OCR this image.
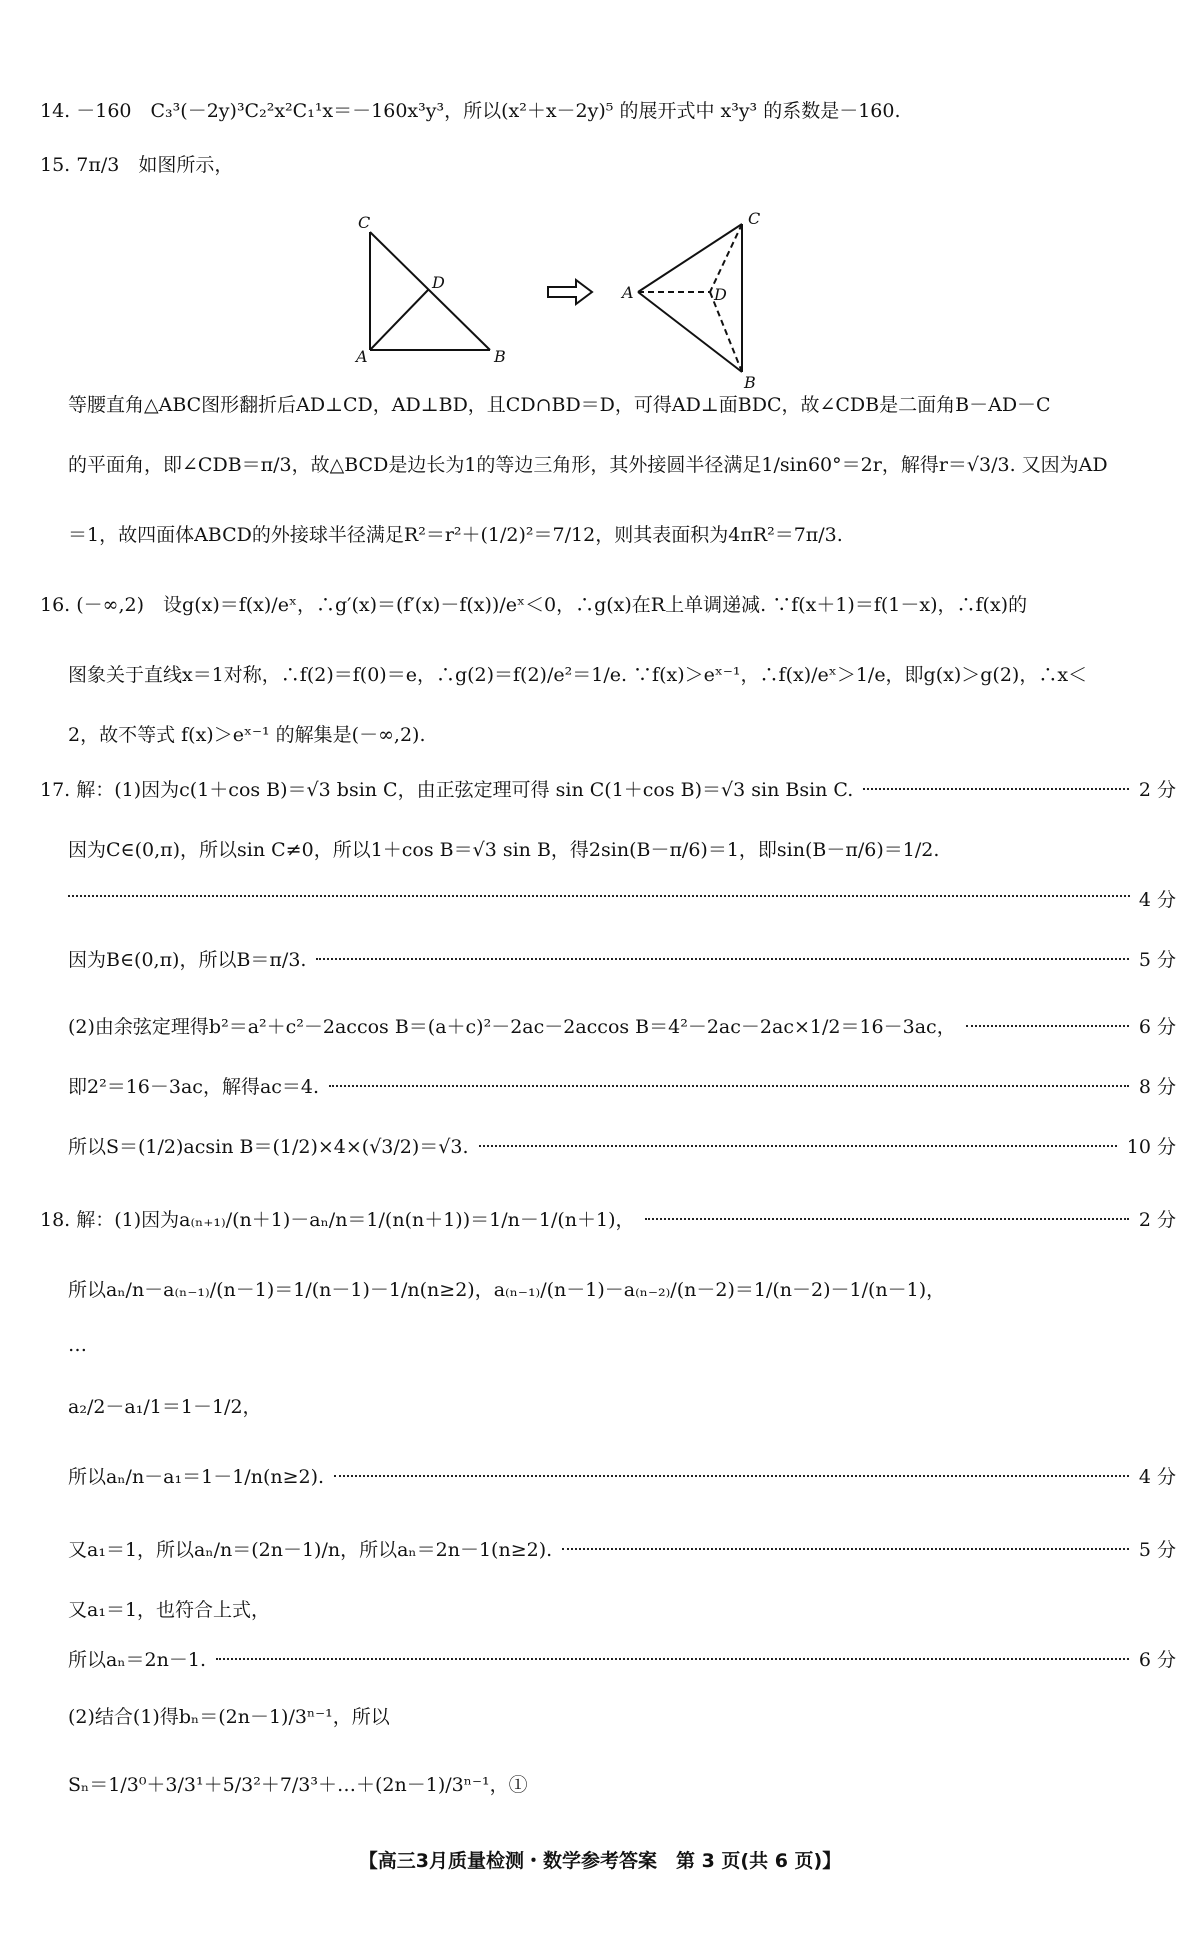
14. －160　C₃³(－2y)³C₂²x²C₁¹x＝－160x³y³，所以(x²＋x－2y)⁵ 的展开式中 x³y³ 的系数是－160.
15. 7π/3　如图所示，
C
D
A	B
C
D
A
B
等腰直角△ABC图形翻折后AD⊥CD，AD⊥BD，且CD∩BD＝D，可得AD⊥面BDC，故∠CDB是二面角B－AD－C
的平面角，即∠CDB＝π/3，故△BCD是边长为1的等边三角形，其外接圆半径满足1/sin60°＝2r，解得r＝√3/3. 又因为AD
＝1，故四面体ABCD的外接球半径满足R²＝r²＋(1/2)²＝7/12，则其表面积为4πR²＝7π/3.
16. (－∞,2)　设g(x)＝f(x)/eˣ，∴g′(x)＝(f′(x)－f(x))/eˣ＜0，∴g(x)在R上单调递减. ∵f(x＋1)＝f(1－x)，∴f(x)的
图象关于直线x＝1对称，∴f(2)＝f(0)＝e，∴g(2)＝f(2)/e²＝1/e. ∵f(x)＞eˣ⁻¹，∴f(x)/eˣ＞1/e，即g(x)＞g(2)，∴x＜
2，故不等式 f(x)＞eˣ⁻¹ 的解集是(－∞,2).
17. 解：(1)因为c(1＋cos B)＝√3 bsin C，由正弦定理可得 sin C(1＋cos B)＝√3 sin Bsin C.	2 分
因为C∈(0,π)，所以sin C≠0，所以1＋cos B＝√3 sin B，得2sin(B－π/6)＝1，即sin(B－π/6)＝1/2.
4 分
因为B∈(0,π)，所以B＝π/3.	5 分
(2)由余弦定理得b²＝a²＋c²－2accos B＝(a＋c)²－2ac－2accos B＝4²－2ac－2ac×1/2＝16－3ac，	6 分
即2²＝16－3ac，解得ac＝4.	8 分
所以S＝(1/2)acsin B＝(1/2)×4×(√3/2)＝√3.	10 分
18. 解：(1)因为a₍ₙ₊₁₎/(n＋1)－aₙ/n＝1/(n(n＋1))＝1/n－1/(n＋1)，	2 分
所以aₙ/n－a₍ₙ₋₁₎/(n－1)＝1/(n－1)－1/n(n≥2)，a₍ₙ₋₁₎/(n－1)－a₍ₙ₋₂₎/(n－2)＝1/(n－2)－1/(n－1)，
…
a₂/2－a₁/1＝1－1/2，
所以aₙ/n－a₁＝1－1/n(n≥2).	4 分
又a₁＝1，所以aₙ/n＝(2n－1)/n，所以aₙ＝2n－1(n≥2).	5 分
又a₁＝1，也符合上式，
所以aₙ＝2n－1.	6 分
(2)结合(1)得bₙ＝(2n－1)/3ⁿ⁻¹，所以
Sₙ＝1/3⁰＋3/3¹＋5/3²＋7/3³＋…＋(2n－1)/3ⁿ⁻¹，①
【高三3月质量检测・数学参考答案　第 3 页(共 6 页)】
